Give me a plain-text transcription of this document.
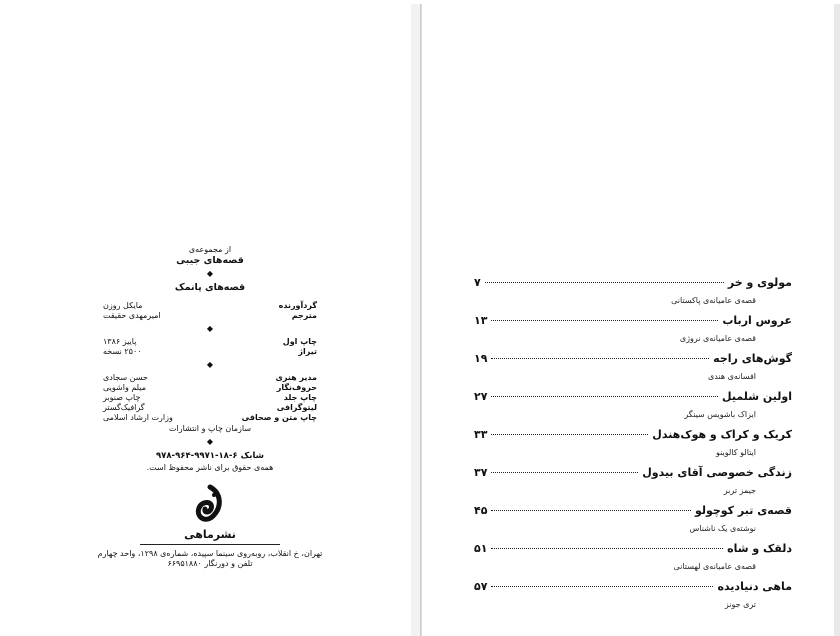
از مجموعه‌ی
قصه‌های جیبی
◆
قصه‌های پانمک
گردآورنده
مایکل روزن
مترجم
امیرمهدی حقیقت
◆
چاپ اول
پاییز ۱۳۸۶
تیراژ
۲۵۰۰ نسخه
◆
مدیر هنری
حسن سجادی
حروف‌نگار
میلم واشویی
چاپ جلد
چاپ صنوبر
لیتوگرافی
گرافیک‌گستر
چاپ متن و صحافی
وزارت ارشاد اسلامی
سازمان چاپ و انتشارات
◆
شابک ۶-۱۸-۹۹۷۱-۹۶۴-۹۷۸
همه‌ی حقوق برای ناشر محفوظ است.
نشرماهی
تهران، خ انقلاب، روبه‌روی سینما سپیده، شماره‌ی ۱۲۹۸، واحد چهارم
تلفن و دورنگار ۶۶۹۵۱۸۸۰
مولوی و خر
۷
قصه‌ی عامیانه‌ی پاکستانی
عروس ارباب
۱۳
قصه‌ی عامیانه‌ی نروژی
گوش‌های راجه
۱۹
افسانه‌ی هندی
اولین شلمیل
۲۷
ایزاک باشویس سینگر
کریک و کراک و هوک‌هندل
۳۳
ایتالو کالوینو
زندگی خصوصی آقای بیدول
۳۷
جیمز تربر
قصه‌ی تبر کوچولو
۴۵
نوشته‌ی یک ناشناس
دلقک و شاه
۵۱
قصه‌ی عامیانه‌ی لهستانی
ماهی دنیادیده
۵۷
تری جونز
